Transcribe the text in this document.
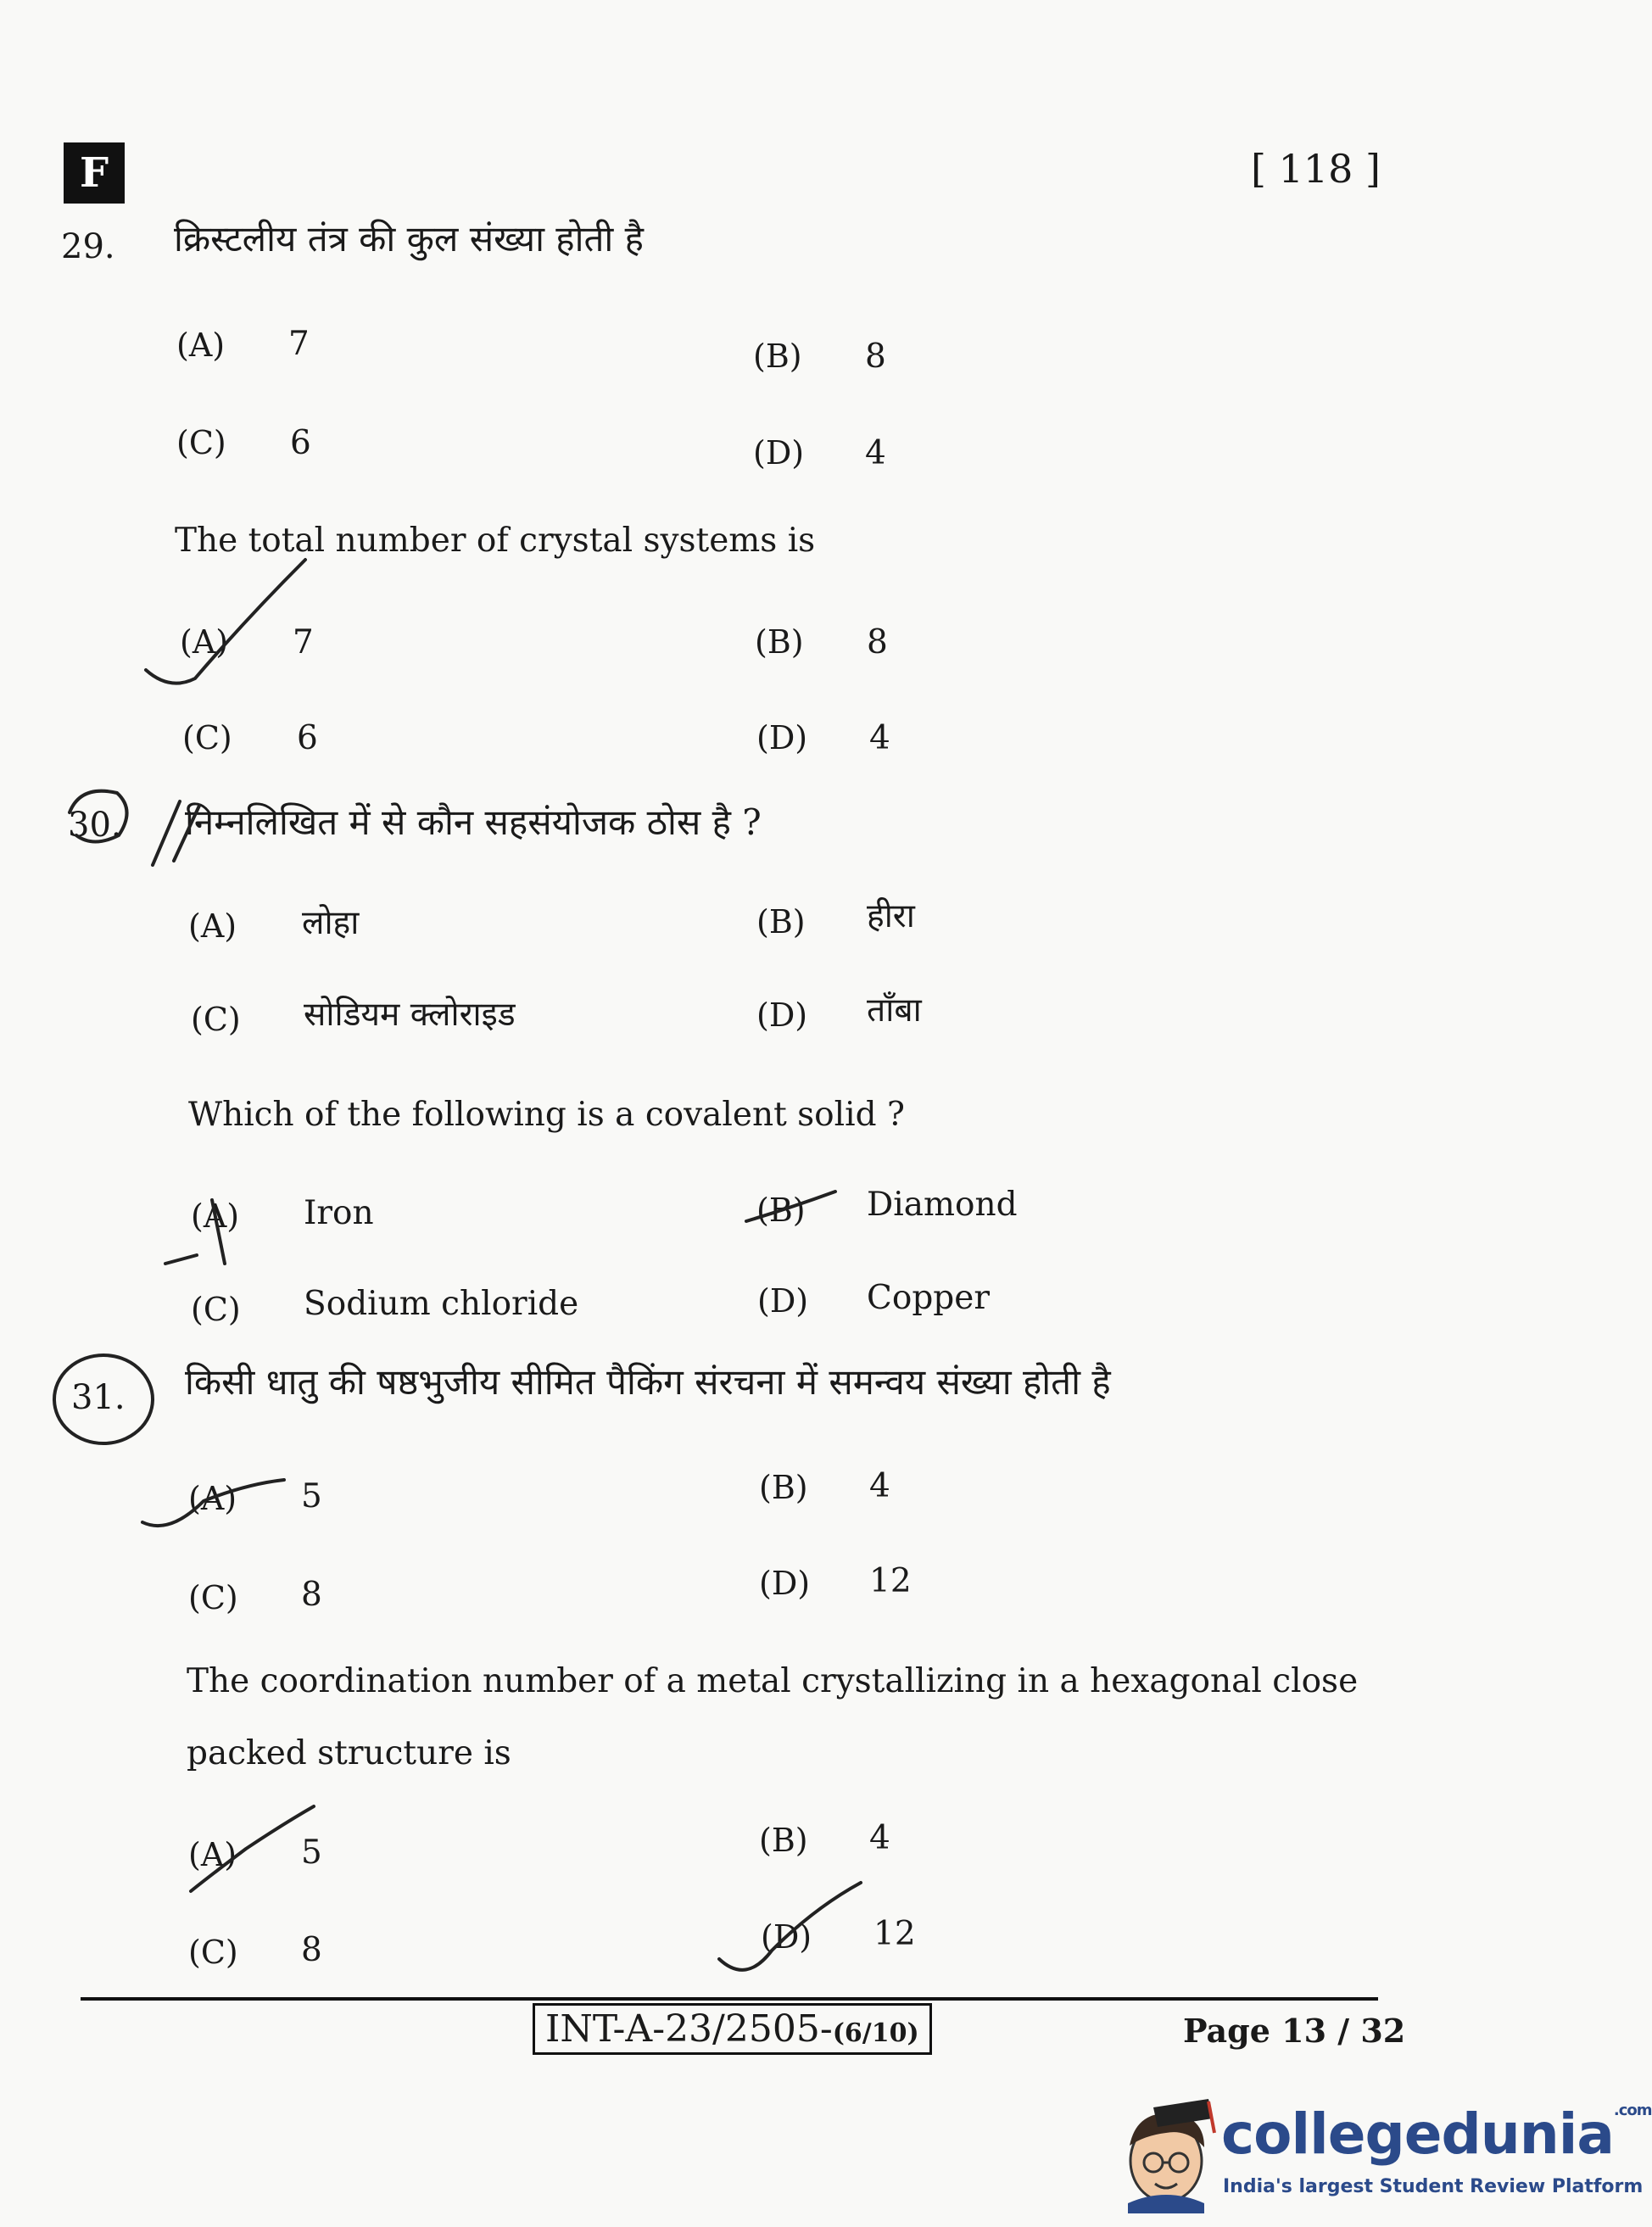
F	[ 118 ]
29. क्रिस्टलीय तंत्र की कुल संख्या होती है
(A) 7	(B) 8
(C) 6	(D) 4
The total number of crystal systems is
(A) 7	(B) 8
(C) 6	(D) 4
30. निम्नलिखित में से कौन सहसंयोजक ठोस है ?
(A) लोहा	(B) हीरा
(C) सोडियम क्लोराइड	(D) ताँबा
Which of the following is a covalent solid ?
(A) Iron	(B) Diamond
(C) Sodium chloride	(D) Copper
31. किसी धातु की षष्ठभुजीय सीमित पैकिंग संरचना में समन्वय संख्या होती है
(A) 5	(B) 4
(C) 8	(D) 12
The coordination number of a metal crystallizing in a hexagonal close
packed structure is
(A) 5	(B) 4
(C) 8	(D) 12
INT-A-23/2505-(6/10)	Page 13 / 32
collegedunia$^{.com}$
India's largest Student Review Platform
